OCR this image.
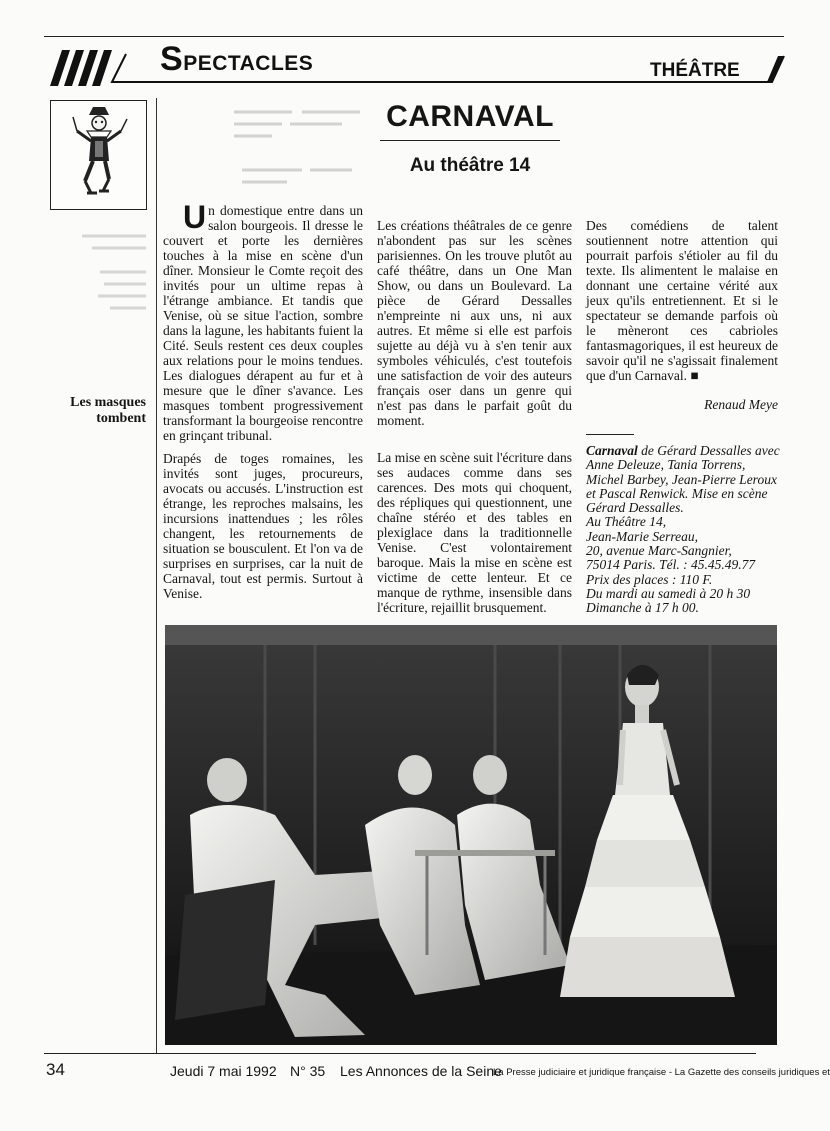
SPECTACLES	THÉÂTRE
Les masques
tombent
CARNAVAL
Au théâtre 14

Un domestique entre dans un salon bourgeois. Il dresse le couvert et porte les dernières touches à la mise en scène d'un dîner. Monsieur le Comte reçoit des invités pour un ultime repas à l'étrange ambiance. Et tandis que Venise, où se situe l'action, sombre dans la lagune, les habitants fuient la Cité. Seuls restent ces deux couples aux relations pour le moins tendues. Les dialogues dérapent au fur et à mesure que le dîner s'avance. Les masques tombent progressivement transformant la bourgeoise rencontre en grinçant tribunal.

Drapés de toges romaines, les invités sont juges, procureurs, avocats ou accusés. L'instruction est étrange, les reproches malsains, les incursions inattendues ; les rôles changent, les retournements de situation se bousculent. Et l'on va de surprises en surprises, car la nuit de Carnaval, tout est permis. Surtout à Venise.

Les créations théâtrales de ce genre n'abondent pas sur les scènes parisiennes. On les trouve plutôt au café théâtre, dans un One Man Show, ou dans un Boulevard. La pièce de Gérard Dessalles n'empreinte ni aux uns, ni aux autres. Et même si elle est parfois sujette au déjà vu à s'en tenir aux symboles véhiculés, c'est toutefois une satisfaction de voir des auteurs français oser dans un genre qui n'est pas dans le parfait goût du moment.

La mise en scène suit l'écriture dans ses audaces comme dans ses carences. Des mots qui choquent, des répliques qui questionnent, une chaîne stéréo et des tables en plexiglace dans la traditionnelle Venise. C'est volontairement baroque. Mais la mise en scène est victime de cette lenteur. Et ce manque de rythme, insensible dans l'écriture, rejaillit brusquement.

Des comédiens de talent soutiennent notre attention qui pourrait parfois s'étioler au fil du texte. Ils alimentent le malaise en donnant une certaine vérité aux jeux qu'ils entretiennent. Et si le spectateur se demande parfois où le mèneront ces cabrioles fantasmagoriques, il est heureux de savoir qu'il ne s'agissait finalement que d'un Carnaval. ■

Renaud Meye
Carnaval de Gérard Dessalles avec Anne Deleuze, Tania Torrens, Michel Barbey, Jean-Pierre Leroux et Pascal Renwick. Mise en scène Gérard Dessalles.
Au Théâtre 14,
Jean-Marie Serreau,
20, avenue Marc-Sangnier,
75014 Paris. Tél. : 45.45.49.77
Prix des places : 110 F.
Du mardi au samedi à 20 h 30
Dimanche à 17 h 00.
34	Jeudi 7 mai 1992 N° 35 Les Annonces de la Seine
La Presse judiciaire et juridique française - La Gazette des conseils juridiques et
